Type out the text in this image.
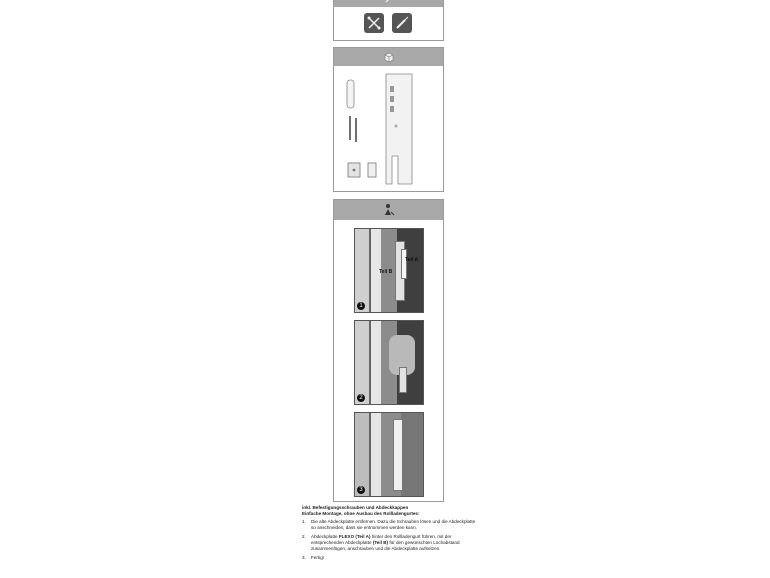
Teil A
Teil B
1
2
3
inkl. Befestigungsschrauben und Abdeckkappen
Einfache Montage, ohne Ausbau des Rollladengurtes:
1.	Die alte Abdeckplatte entfernen. Dazu die Schrauben lösen und die Abdeckplatte so anschneiden, dass sie entnommen werden kann.
2.	Abdeckplatte FLEXO (Teil A) hinter den Rollladengurt führen, mit der entsprechenden Abdeckplatte (Teil B) für den gewünschten Lochabstand zusammenfügen, anschrauben und die Abdeckplatte aufsetzen.
3.	Fertig!
